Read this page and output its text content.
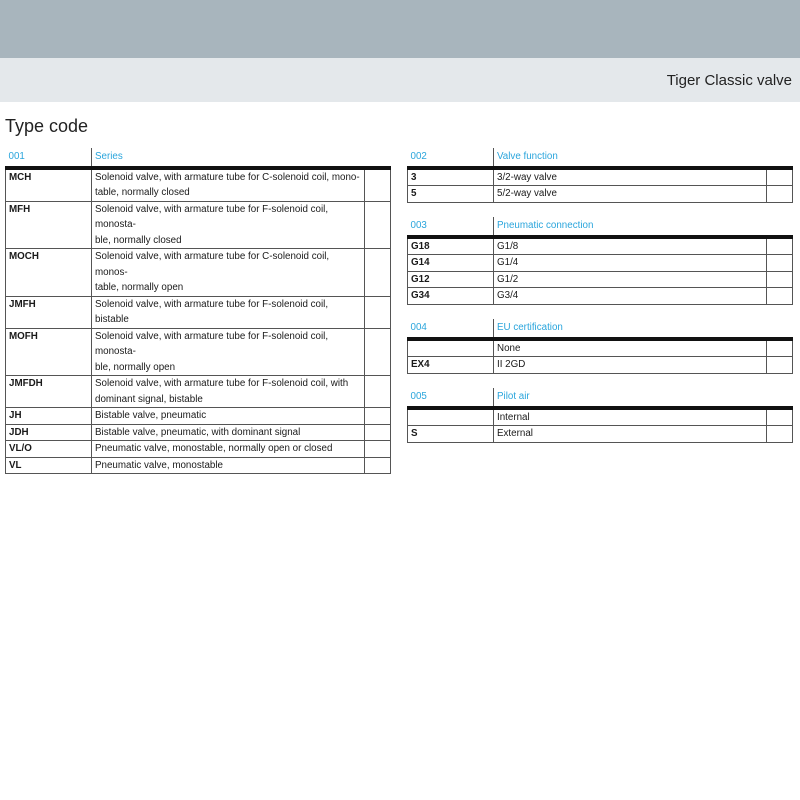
Tiger Classic valve
Type code
001	Series	
MCH	Solenoid valve, with armature tube for C-solenoid coil, mono-
table, normally closed	
MFH	Solenoid valve, with armature tube for F-solenoid coil, monosta-
ble, normally closed	
MOCH	Solenoid valve, with armature tube for C-solenoid coil, monos-
table, normally open	
JMFH	Solenoid valve, with armature tube for F-solenoid coil, bistable	
MOFH	Solenoid valve, with armature tube for F-solenoid coil, monosta-
ble, normally open	
JMFDH	Solenoid valve, with armature tube for F-solenoid coil, with
dominant signal, bistable	
JH	Bistable valve, pneumatic	
JDH	Bistable valve, pneumatic, with dominant signal	
VL/O	Pneumatic valve, monostable, normally open or closed	
VL	Pneumatic valve, monostable	
002	Valve function	
3	3/2-way valve	
5	5/2-way valve	
003	Pneumatic connection	
G18	G1/8	
G14	G1/4	
G12	G1/2	
G34	G3/4	
004	EU certification	
	None	
EX4	II 2GD	
005	Pilot air	
	Internal	
S	External	
